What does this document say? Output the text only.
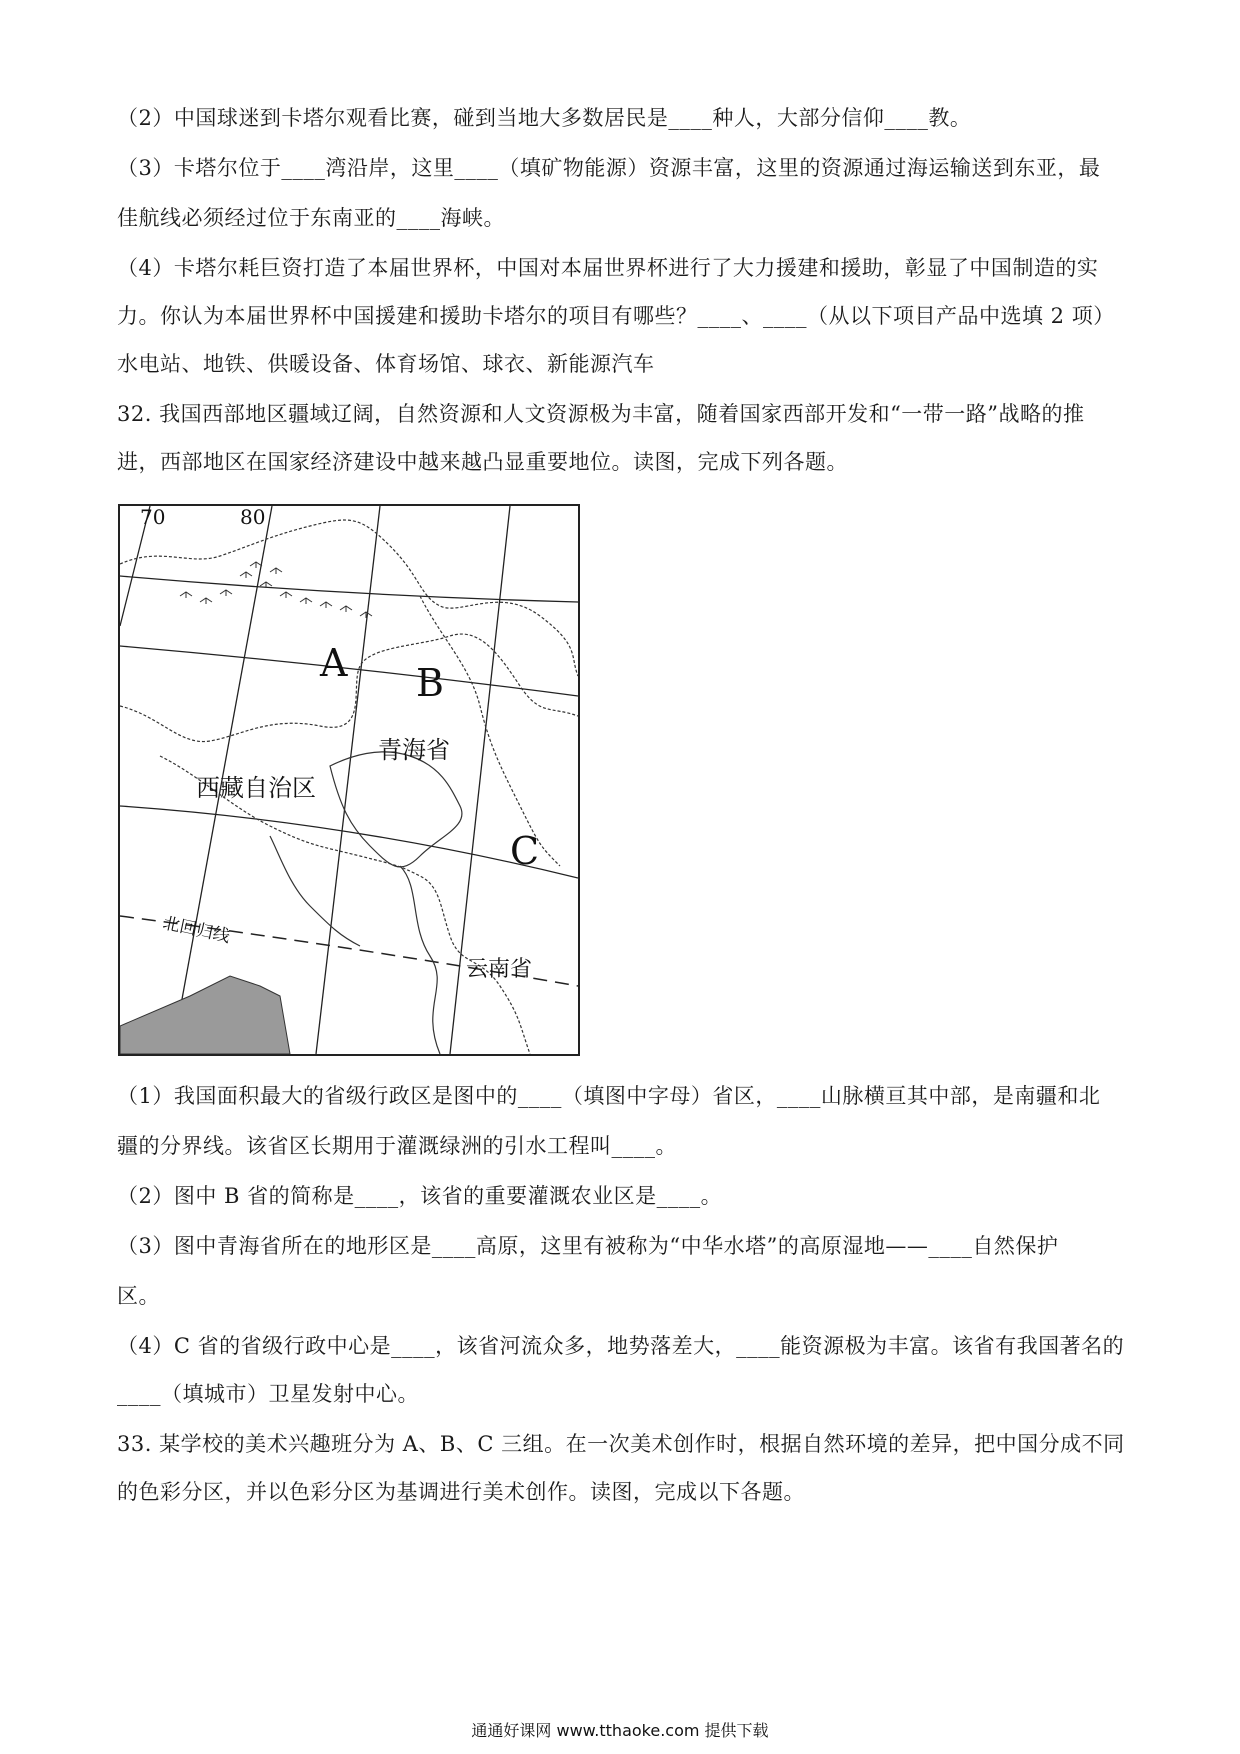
（2）中国球迷到卡塔尔观看比赛，碰到当地大多数居民是____种人，大部分信仰____教。
（3）卡塔尔位于____湾沿岸，这里____（填矿物能源）资源丰富，这里的资源通过海运输送到东亚，最
佳航线必须经过位于东南亚的____海峡。
（4）卡塔尔耗巨资打造了本届世界杯，中国对本届世界杯进行了大力援建和援助，彰显了中国制造的实
力。你认为本届世界杯中国援建和援助卡塔尔的项目有哪些？____、____（从以下项目产品中选填 2 项）
水电站、地铁、供暖设备、体育场馆、球衣、新能源汽车
32. 我国西部地区疆域辽阔，自然资源和人文资源极为丰富，随着国家西部开发和“一带一路”战略的推
进，西部地区在国家经济建设中越来越凸显重要地位。读图，完成下列各题。
（1）我国面积最大的省级行政区是图中的____（填图中字母）省区，____山脉横亘其中部，是南疆和北
疆的分界线。该省区长期用于灌溉绿洲的引水工程叫____。
（2）图中 B 省的简称是____，该省的重要灌溉农业区是____。
（3）图中青海省所在的地形区是____高原，这里有被称为“中华水塔”的高原湿地——____自然保护
区。
（4）C 省的省级行政中心是____，该省河流众多，地势落差大，____能资源极为丰富。该省有我国著名的
____（填城市）卫星发射中心。
33. 某学校的美术兴趣班分为 A、B、C 三组。在一次美术创作时，根据自然环境的差异，把中国分成不同
的色彩分区，并以色彩分区为基调进行美术创作。读图，完成以下各题。
70	80
A B
C
青海省
西藏自治区
云南省
北回归线
通通好课网 www.tthaoke.com 提供下载
